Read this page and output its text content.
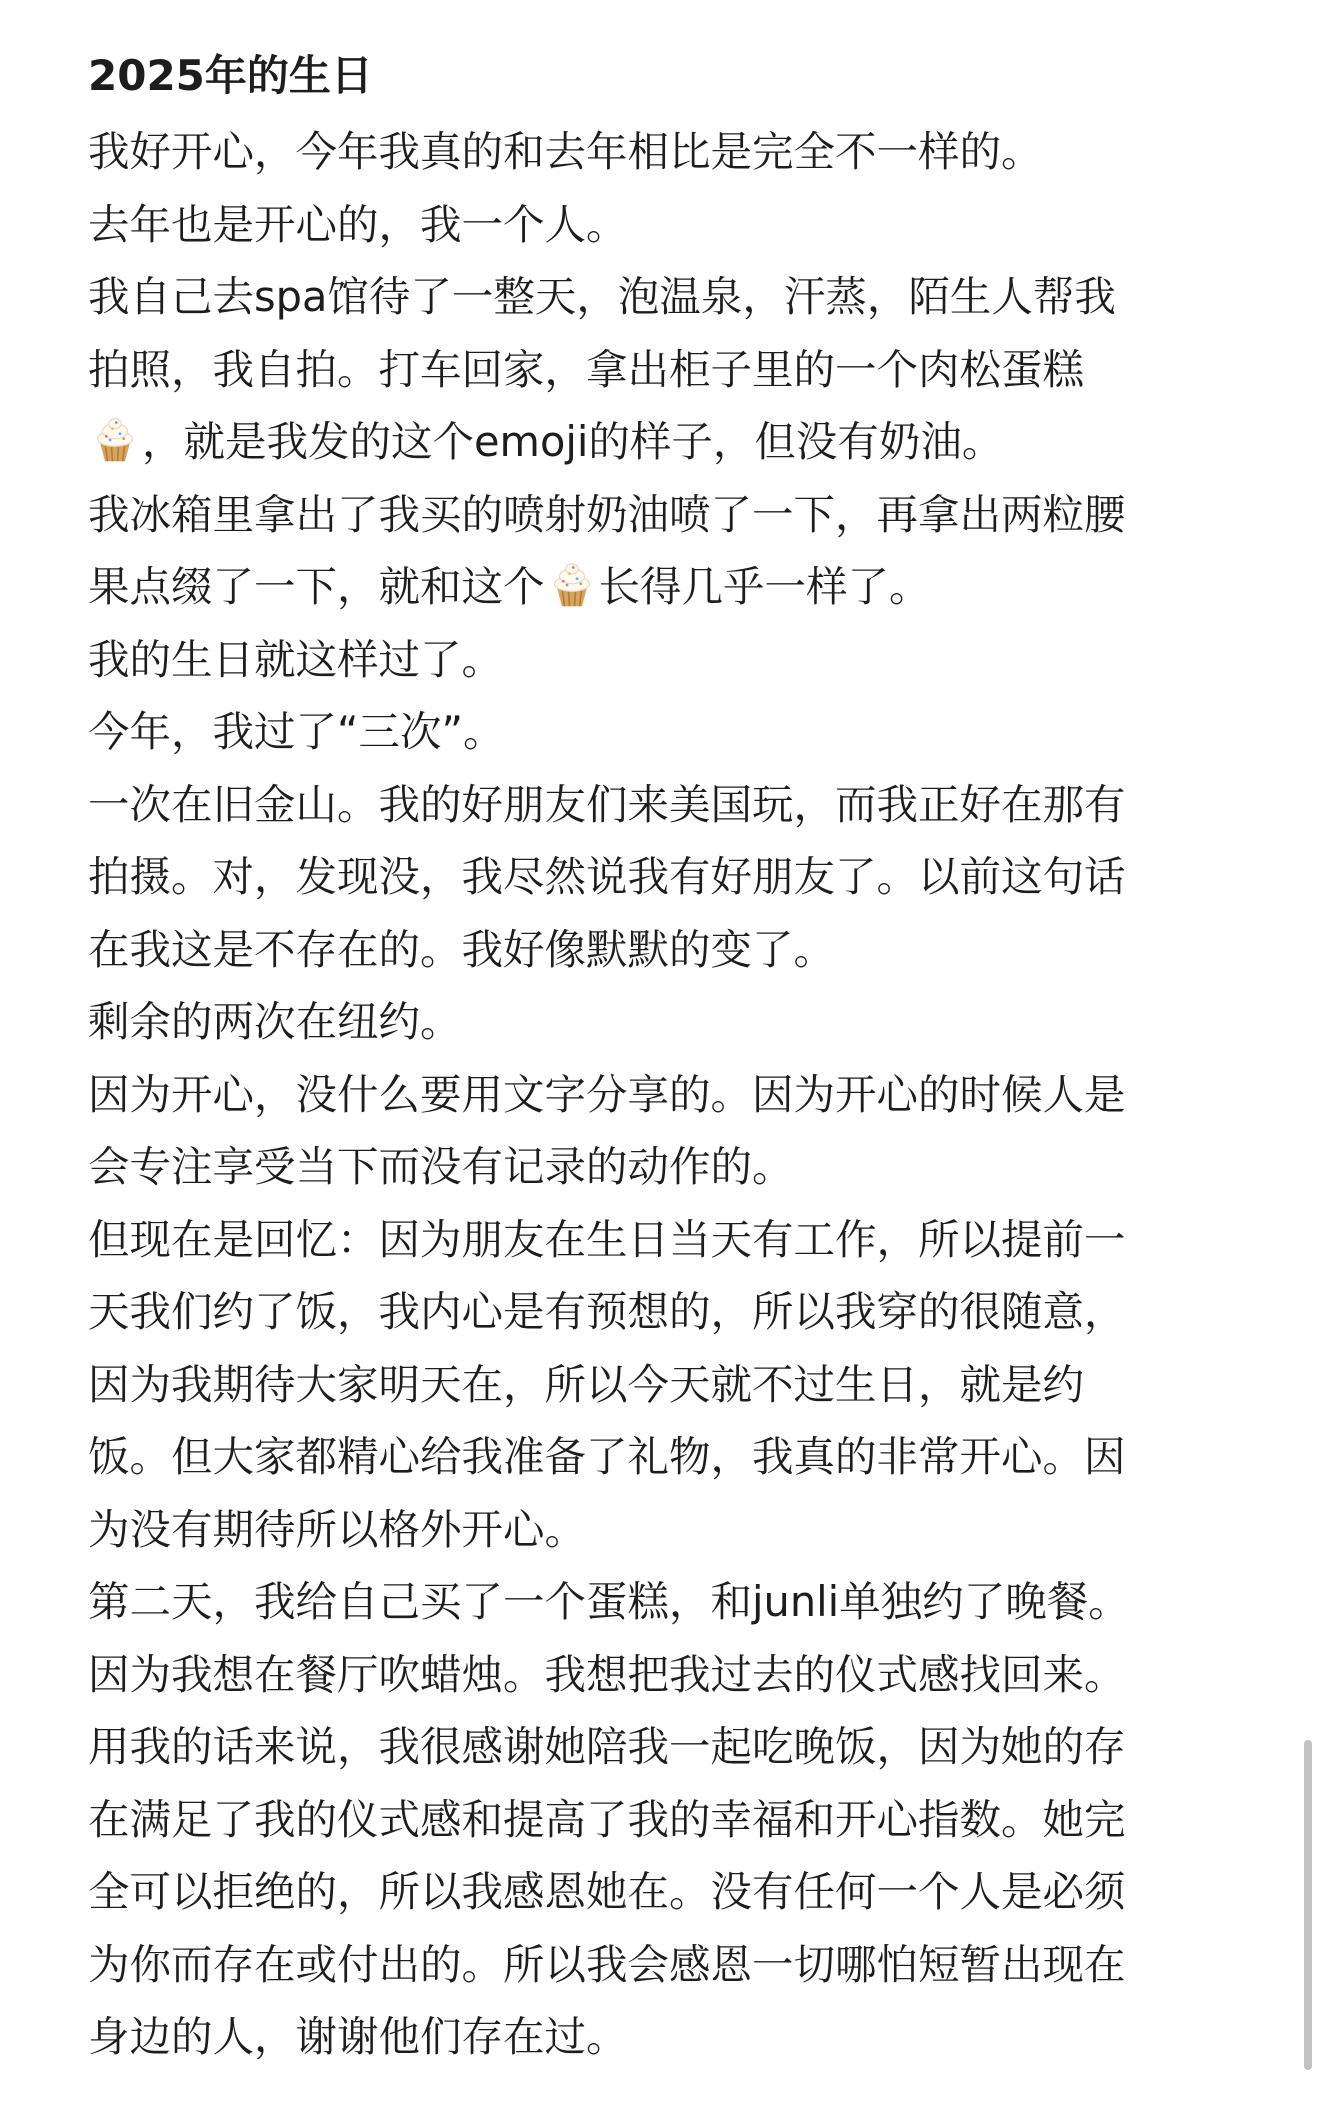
2025年的生日

我好开心，今年我真的和去年相比是完全不一样的。

去年也是开心的，我一个人。

我自己去spa馆待了一整天，泡温泉，汗蒸，陌生人帮我

拍照，我自拍。打车回家，拿出柜子里的一个肉松蛋糕

，就是我发的这个emoji的样子，但没有奶油。

我冰箱里拿出了我买的喷射奶油喷了一下，再拿出两粒腰

果点缀了一下，就和这个 长得几乎一样了。

我的生日就这样过了。

今年，我过了“三次”。

一次在旧金山。我的好朋友们来美国玩，而我正好在那有

拍摄。对，发现没，我尽然说我有好朋友了。以前这句话

在我这是不存在的。我好像默默的变了。

剩余的两次在纽约。

因为开心，没什么要用文字分享的。因为开心的时候人是

会专注享受当下而没有记录的动作的。

但现在是回忆：因为朋友在生日当天有工作，所以提前一

天我们约了饭，我内心是有预想的，所以我穿的很随意，

因为我期待大家明天在，所以今天就不过生日，就是约

饭。但大家都精心给我准备了礼物，我真的非常开心。因

为没有期待所以格外开心。

第二天，我给自己买了一个蛋糕，和junli单独约了晚餐。

因为我想在餐厅吹蜡烛。我想把我过去的仪式感找回来。

用我的话来说，我很感谢她陪我一起吃晚饭，因为她的存

在满足了我的仪式感和提高了我的幸福和开心指数。她完

全可以拒绝的，所以我感恩她在。没有任何一个人是必须

为你而存在或付出的。所以我会感恩一切哪怕短暂出现在

身边的人，谢谢他们存在过。
